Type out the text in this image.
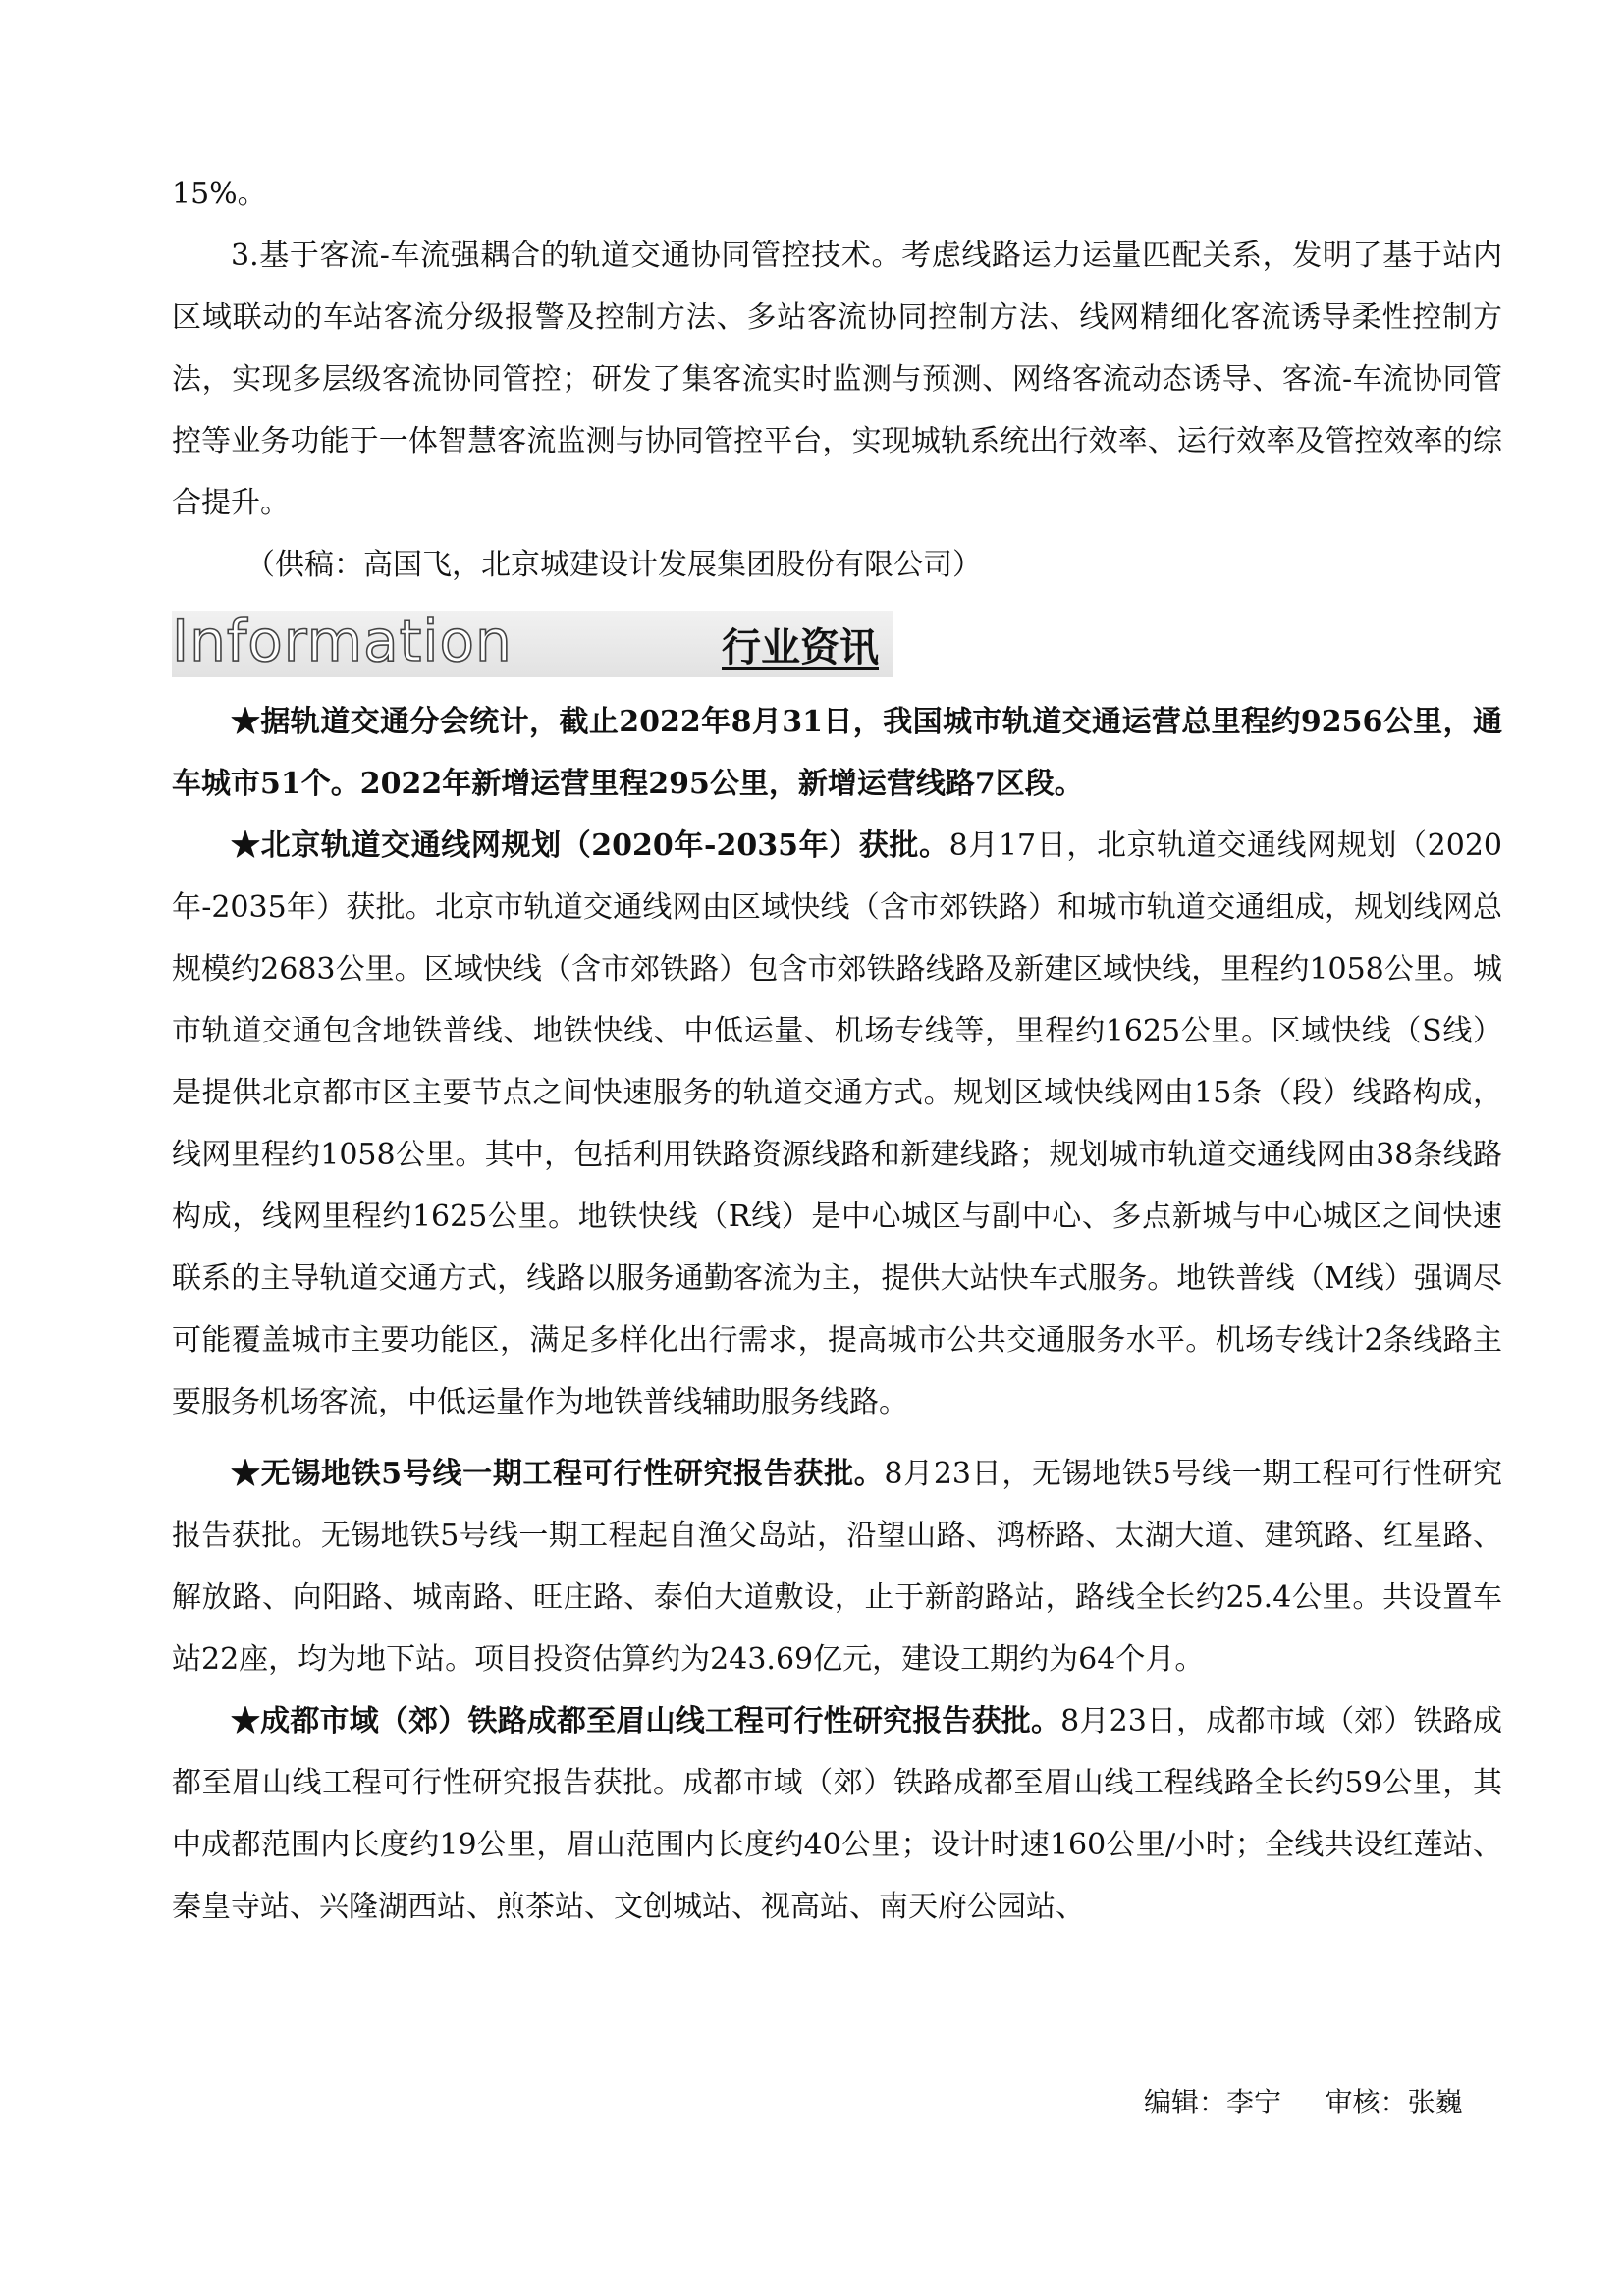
15%。

3.基于客流-车流强耦合的轨道交通协同管控技术。考虑线路运力运量匹配关系，发明了基于站内区域联动的车站客流分级报警及控制方法、多站客流协同控制方法、线网精细化客流诱导柔性控制方法，实现多层级客流协同管控；研发了集客流实时监测与预测、网络客流动态诱导、客流-车流协同管控等业务功能于一体智慧客流监测与协同管控平台，实现城轨系统出行效率、运行效率及管控效率的综合提升。

（供稿：高国飞，北京城建设计发展集团股份有限公司）

Information	行业资讯

★据轨道交通分会统计，截止2022年8月31日，我国城市轨道交通运营总里程约9256公里，通车城市51个。2022年新增运营里程295公里，新增运营线路7区段。

★北京轨道交通线网规划（2020年-2035年）获批。8月17日，北京轨道交通线网规划（2020年-2035年）获批。北京市轨道交通线网由区域快线（含市郊铁路）和城市轨道交通组成，规划线网总规模约2683公里。区域快线（含市郊铁路）包含市郊铁路线路及新建区域快线，里程约1058公里。城市轨道交通包含地铁普线、地铁快线、中低运量、机场专线等，里程约1625公里。区域快线（S线）是提供北京都市区主要节点之间快速服务的轨道交通方式。规划区域快线网由15条（段）线路构成，线网里程约1058公里。其中，包括利用铁路资源线路和新建线路；规划城市轨道交通线网由38条线路构成，线网里程约1625公里。地铁快线（R线）是中心城区与副中心、多点新城与中心城区之间快速联系的主导轨道交通方式，线路以服务通勤客流为主，提供大站快车式服务。地铁普线（M线）强调尽可能覆盖城市主要功能区，满足多样化出行需求，提高城市公共交通服务水平。机场专线计2条线路主要服务机场客流，中低运量作为地铁普线辅助服务线路。

★无锡地铁5号线一期工程可行性研究报告获批。8月23日，无锡地铁5号线一期工程可行性研究报告获批。无锡地铁5号线一期工程起自渔父岛站，沿望山路、鸿桥路、太湖大道、建筑路、红星路、解放路、向阳路、城南路、旺庄路、泰伯大道敷设，止于新韵路站，路线全长约25.4公里。共设置车站22座，均为地下站。项目投资估算约为243.69亿元，建设工期约为64个月。

★成都市域（郊）铁路成都至眉山线工程可行性研究报告获批。8月23日，成都市域（郊）铁路成都至眉山线工程可行性研究报告获批。成都市域（郊）铁路成都至眉山线工程线路全长约59公里，其中成都范围内长度约19公里，眉山范围内长度约40公里；设计时速160公里/小时；全线共设红莲站、秦皇寺站、兴隆湖西站、煎茶站、文创城站、视高站、南天府公园站、

编辑：李宁 审核：张巍
